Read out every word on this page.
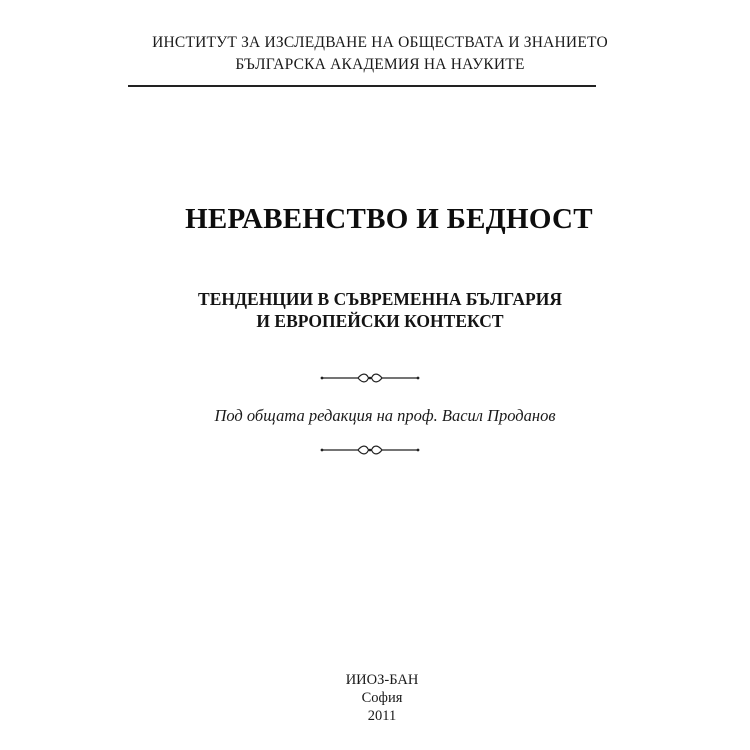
ИНСТИТУТ ЗА ИЗСЛЕДВАНЕ НА ОБЩЕСТВАТА И ЗНАНИЕТО
БЪЛГАРСКА АКАДЕМИЯ НА НАУКИТЕ
НЕРАВЕНСТВО И БЕДНОСТ
ТЕНДЕНЦИИ В СЪВРЕМЕННА БЪЛГАРИЯ
И ЕВРОПЕЙСКИ КОНТЕКСТ
Под общата редакция на проф. Васил Проданов
ИИОЗ-БАН
София
2011
